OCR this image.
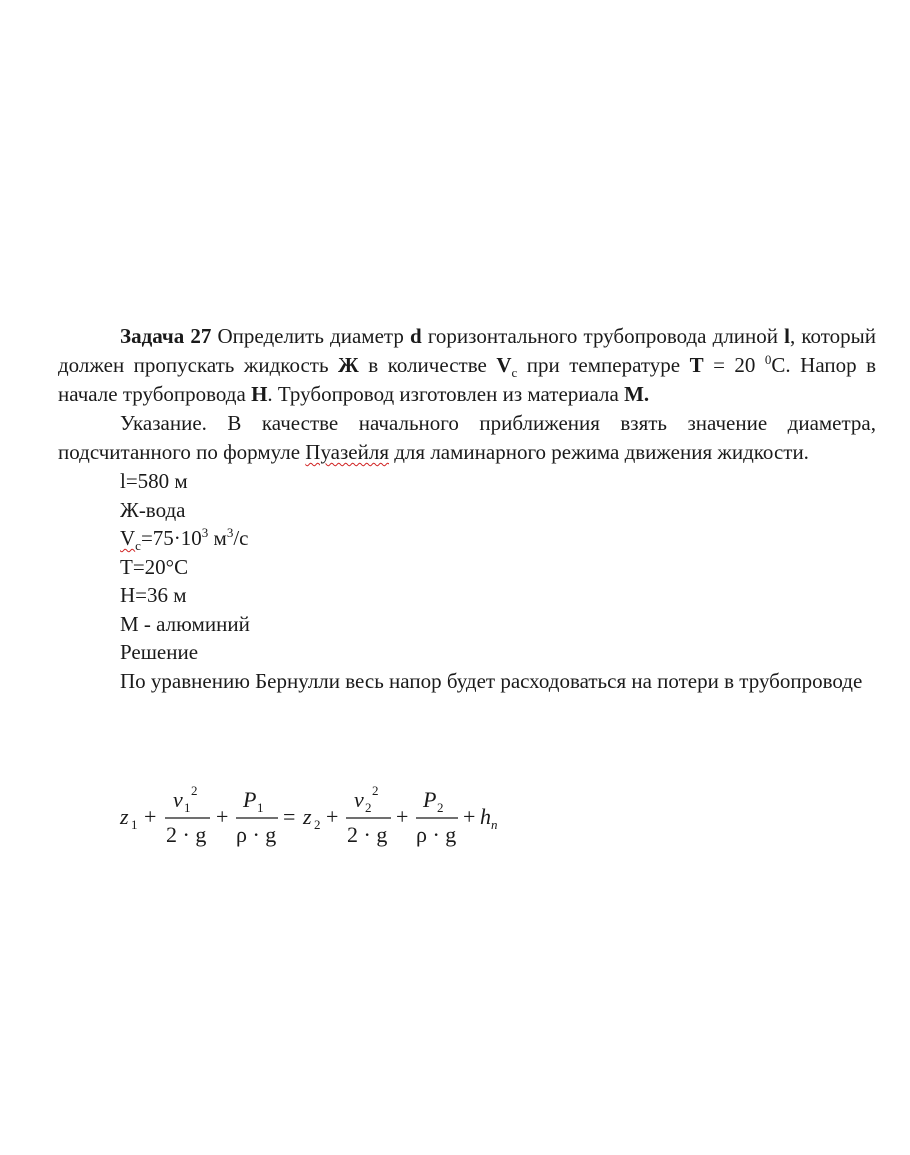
Задача 27 Определить диаметр d горизонтального трубопровода длиной l, который должен пропускать жидкость Ж в количестве $V_c$ при температуре T = 20 $^0$С. Напор в начале трубопровода H. Трубопровод изготовлен из материала М.

Указание. В качестве начального приближения взять значение диаметра, подсчитанного по формуле Пуазейля для ламинарного режима движения жидкости.

l=580 м

Ж-вода

$V_c=75\cdot 10^3$ $м^3/с$

T=20°C

H=36 м

М - алюминий

Решение

По уравнению Бернулли весь напор будет расходоваться на потери в трубопроводе

z 1 +
v 1
2
2 · g
+
P 1
ρ · g
= z 2 +
v 2
2
2 · g
+
P 2
ρ · g
+ h п
